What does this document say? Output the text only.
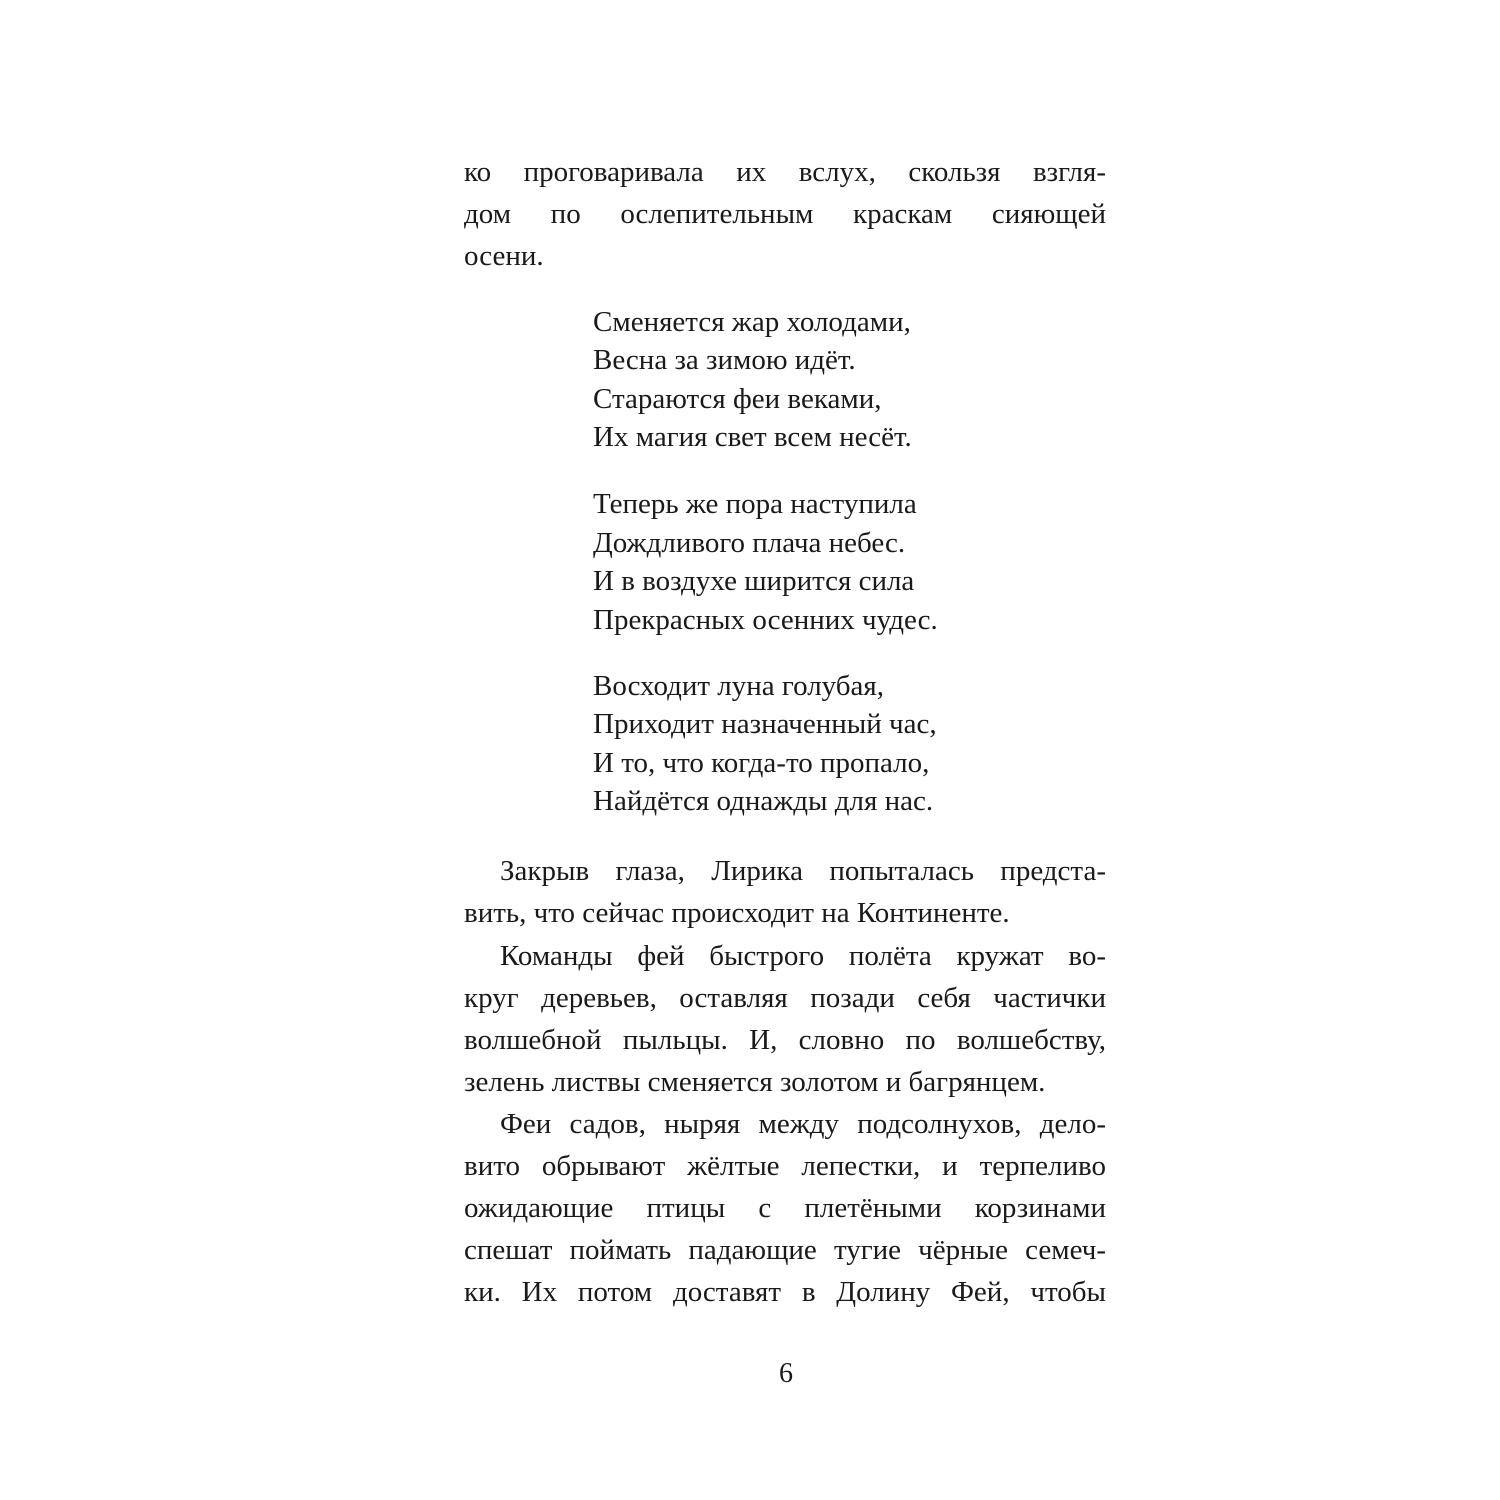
ко проговаривала их вслух, скользя взгля-

дом по ослепительным краскам сияющей

осени.

Сменяется жар холодами,

Весна за зимою идёт.

Стараются феи веками,

Их магия свет всем несёт.

Теперь же пора наступила

Дождливого плача небес.

И в воздухе ширится сила

Прекрасных осенних чудес.

Восходит луна голубая,

Приходит назначенный час,

И то, что когда-то пропало,

Найдётся однажды для нас.

Закрыв глаза, Лирика попыталась предста-

вить, что сейчас происходит на Континенте.

Команды фей быстрого полёта кружат во-

круг деревьев, оставляя позади себя частички

волшебной пыльцы. И, словно по волшебству,

зелень листвы сменяется золотом и багрянцем.

Феи садов, ныряя между подсолнухов, дело-

вито обрывают жёлтые лепестки, и терпеливо

ожидающие птицы с плетёными корзинами

спешат поймать падающие тугие чёрные семеч-

ки. Их потом доставят в Долину Фей, чтобы

6
